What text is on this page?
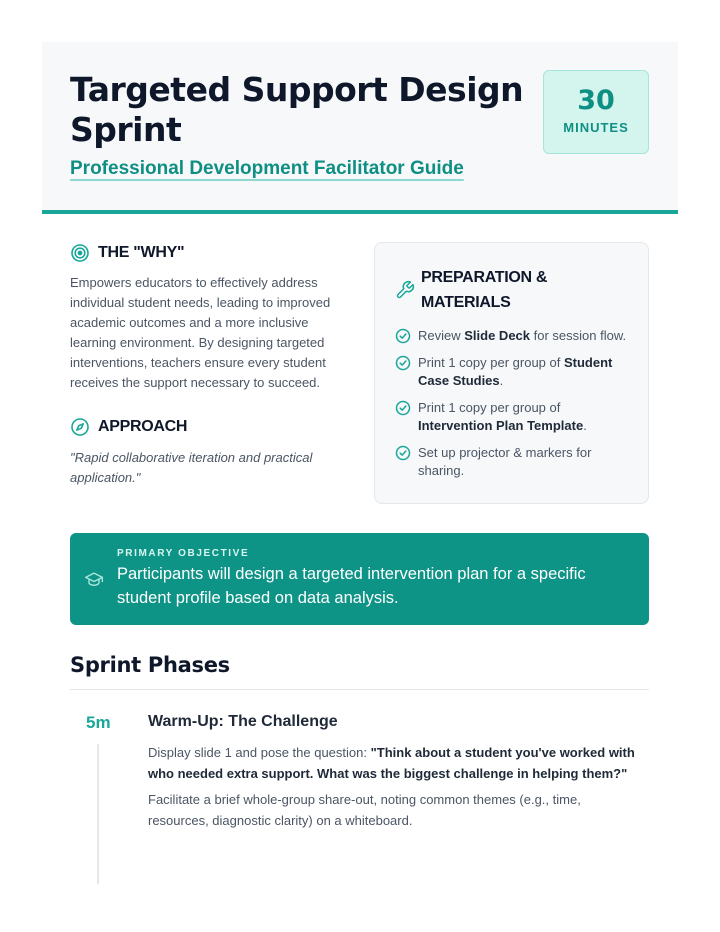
Targeted Support Design Sprint
Professional Development Facilitator Guide
30
MINUTES
THE "WHY"

Empowers educators to effectively address individual student needs, leading to improved academic outcomes and a more inclusive learning environment. By designing targeted interventions, teachers ensure every student receives the support necessary to succeed.

APPROACH

"Rapid collaborative iteration and practical application."

PREPARATION & MATERIALS
Review Slide Deck for session flow.
Print 1 copy per group of Student Case Studies.
Print 1 copy per group of Intervention Plan Template.
Set up projector & markers for sharing.
PRIMARY OBJECTIVE

Participants will design a targeted intervention plan for a specific student profile based on data analysis.

Sprint Phases
5m Warm-Up: The Challenge

Display slide 1 and pose the question: "Think about a student you've worked with who needed extra support. What was the biggest challenge in helping them?"

Facilitate a brief whole-group share-out, noting common themes (e.g., time, resources, diagnostic clarity) on a whiteboard.
